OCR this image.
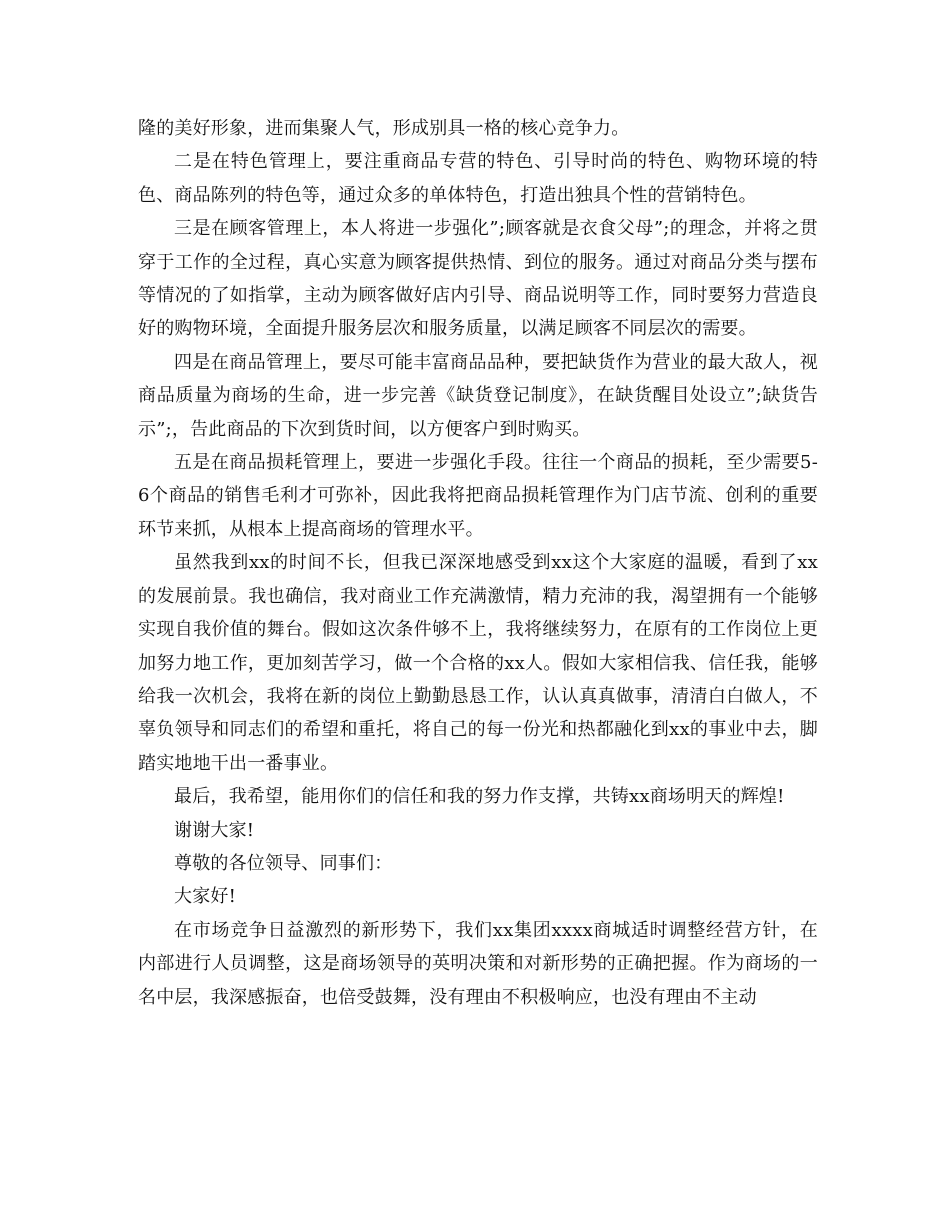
隆的美好形象，进而集聚人气，形成别具一格的核心竞争力。

二是在特色管理上，要注重商品专营的特色、引导时尚的特色、购物环境的特色、商品陈列的特色等，通过众多的单体特色，打造出独具个性的营销特色。

三是在顾客管理上，本人将进一步强化”;顾客就是衣食父母”;的理念，并将之贯穿于工作的全过程，真心实意为顾客提供热情、到位的服务。通过对商品分类与摆布等情况的了如指掌，主动为顾客做好店内引导、商品说明等工作，同时要努力营造良好的购物环境，全面提升服务层次和服务质量，以满足顾客不同层次的需要。

四是在商品管理上，要尽可能丰富商品品种，要把缺货作为营业的最大敌人，视商品质量为商场的生命，进一步完善《缺货登记制度》，在缺货醒目处设立”;缺货告示”;，告此商品的下次到货时间，以方便客户到时购买。

五是在商品损耗管理上，要进一步强化手段。往往一个商品的损耗，至少需要5-6个商品的销售毛利才可弥补，因此我将把商品损耗管理作为门店节流、创利的重要环节来抓，从根本上提高商场的管理水平。

虽然我到xx的时间不长，但我已深深地感受到xx这个大家庭的温暖，看到了xx的发展前景。我也确信，我对商业工作充满激情，精力充沛的我，渴望拥有一个能够实现自我价值的舞台。假如这次条件够不上，我将继续努力，在原有的工作岗位上更加努力地工作，更加刻苦学习，做一个合格的xx人。假如大家相信我、信任我，能够给我一次机会，我将在新的岗位上勤勤恳恳工作，认认真真做事，清清白白做人，不辜负领导和同志们的希望和重托，将自己的每一份光和热都融化到xx的事业中去，脚踏实地地干出一番事业。

最后，我希望，能用你们的信任和我的努力作支撑，共铸xx商场明天的辉煌!

谢谢大家!

尊敬的各位领导、同事们：

大家好!

在市场竞争日益激烈的新形势下，我们xx集团xxxx商城适时调整经营方针，在内部进行人员调整，这是商场领导的英明决策和对新形势的正确把握。作为商场的一名中层，我深感振奋，也倍受鼓舞，没有理由不积极响应，也没有理由不主动
